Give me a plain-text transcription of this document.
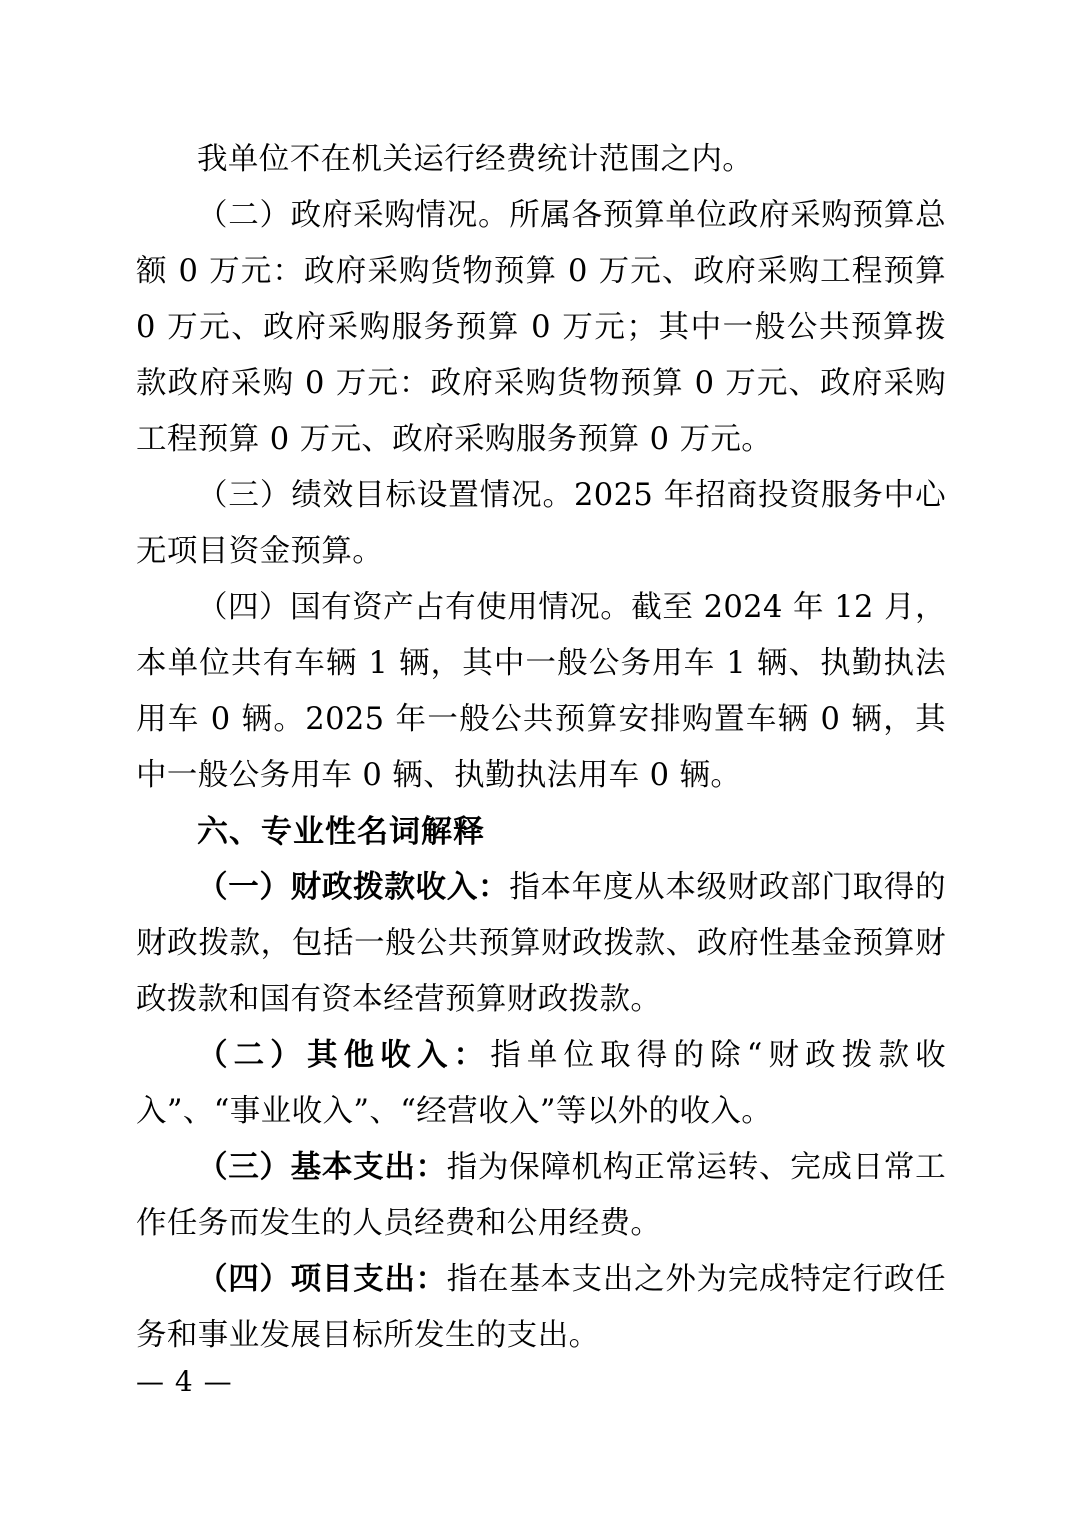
我单位不在机关运行经费统计范围之内。

（二）政府采购情况。所属各预算单位政府采购预算总额 0 万元：政府采购货物预算 0 万元、政府采购工程预算 0 万元、政府采购服务预算 0 万元；其中一般公共预算拨款政府采购 0 万元：政府采购货物预算 0 万元、政府采购工程预算 0 万元、政府采购服务预算 0 万元。

（三）绩效目标设置情况。2025 年招商投资服务中心无项目资金预算。

（四）国有资产占有使用情况。截至 2024 年 12 月，本单位共有车辆 1 辆，其中一般公务用车 1 辆、执勤执法用车 0 辆。2025 年一般公共预算安排购置车辆 0 辆，其中一般公务用车 0 辆、执勤执法用车 0 辆。

六、专业性名词解释

（一）财政拨款收入：指本年度从本级财政部门取得的财政拨款，包括一般公共预算财政拨款、政府性基金预算财政拨款和国有资本经营预算财政拨款。

（二）其他收入：指单位取得的除“财政拨款收入”、“事业收入”、“经营收入”等以外的收入。

（三）基本支出：指为保障机构正常运转、完成日常工作任务而发生的人员经费和公用经费。

（四）项目支出：指在基本支出之外为完成特定行政任务和事业发展目标所发生的支出。

— 4 —
